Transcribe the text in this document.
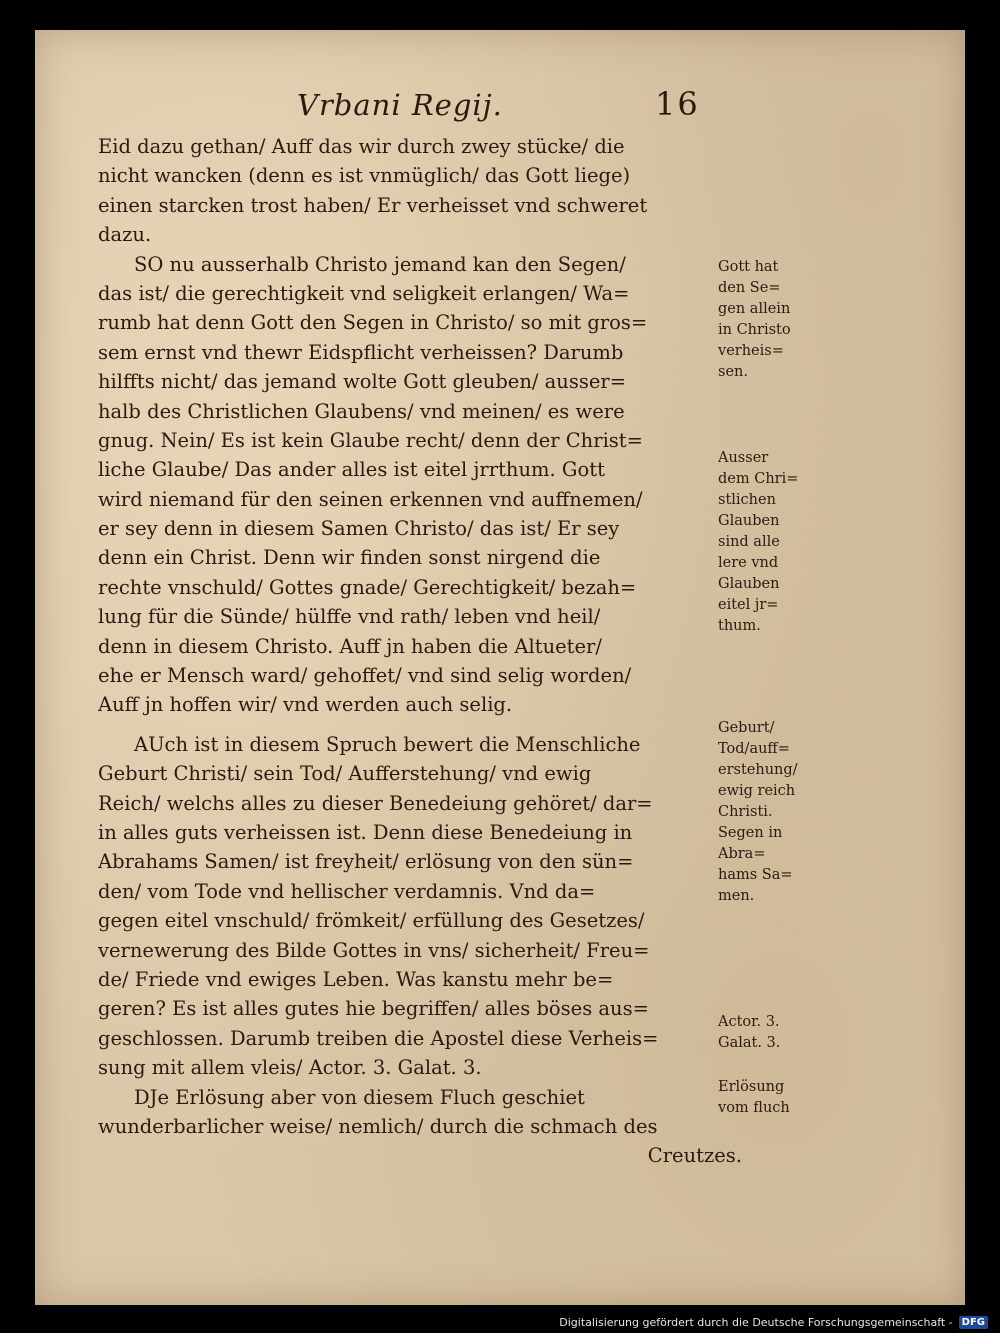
Vrbani Regij.	16
Eid dazu gethan/ Auff das wir durch zwey stücke/ die
nicht wancken (denn es ist vnmüglich/ das Gott liege)
einen starcken trost haben/ Er verheisset vnd schweret
dazu.
SO nu ausserhalb Christo jemand kan den Segen/
das ist/ die gerechtigkeit vnd seligkeit erlangen/ Wa=
rumb hat denn Gott den Segen in Christo/ so mit gros=
sem ernst vnd thewr Eidspflicht verheissen? Darumb
hilffts nicht/ das jemand wolte Gott gleuben/ ausser=
halb des Christlichen Glaubens/ vnd meinen/ es were
gnug. Nein/ Es ist kein Glaube recht/ denn der Christ=
liche Glaube/ Das ander alles ist eitel jrrthum. Gott
wird niemand für den seinen erkennen vnd auffnemen/
er sey denn in diesem Samen Christo/ das ist/ Er sey
denn ein Christ. Denn wir finden sonst nirgend die
rechte vnschuld/ Gottes gnade/ Gerechtigkeit/ bezah=
lung für die Sünde/ hülffe vnd rath/ leben vnd heil/
denn in diesem Christo. Auff jn haben die Altueter/
ehe er Mensch ward/ gehoffet/ vnd sind selig worden/
Auff jn hoffen wir/ vnd werden auch selig.
AUch ist in diesem Spruch bewert die Menschliche
Geburt Christi/ sein Tod/ Aufferstehung/ vnd ewig
Reich/ welchs alles zu dieser Benedeiung gehöret/ dar=
in alles guts verheissen ist. Denn diese Benedeiung in
Abrahams Samen/ ist freyheit/ erlösung von den sün=
den/ vom Tode vnd hellischer verdamnis. Vnd da=
gegen eitel vnschuld/ frömkeit/ erfüllung des Gesetzes/
vernewerung des Bilde Gottes in vns/ sicherheit/ Freu=
de/ Friede vnd ewiges Leben. Was kanstu mehr be=
geren? Es ist alles gutes hie begriffen/ alles böses aus=
geschlossen. Darumb treiben die Apostel diese Verheis=
sung mit allem vleis/ Actor. 3. Galat. 3.
DJe Erlösung aber von diesem Fluch geschiet
wunderbarlicher weise/ nemlich/ durch die schmach des
Creutzes.
Gott hat
den Se=
gen allein
in Christo
verheis=
sen.
Ausser
dem Chri=
stlichen
Glauben
sind alle
lere vnd
Glauben
eitel jr=
thum.
Geburt/
Tod/auff=
erstehung/
ewig reich
Christi.
Segen in
Abra=
hams Sa=
men.
Actor. 3.
Galat. 3.
Erlösung
vom fluch
Digitalisierung gefördert durch die Deutsche Forschungsgemeinschaft - DFG
